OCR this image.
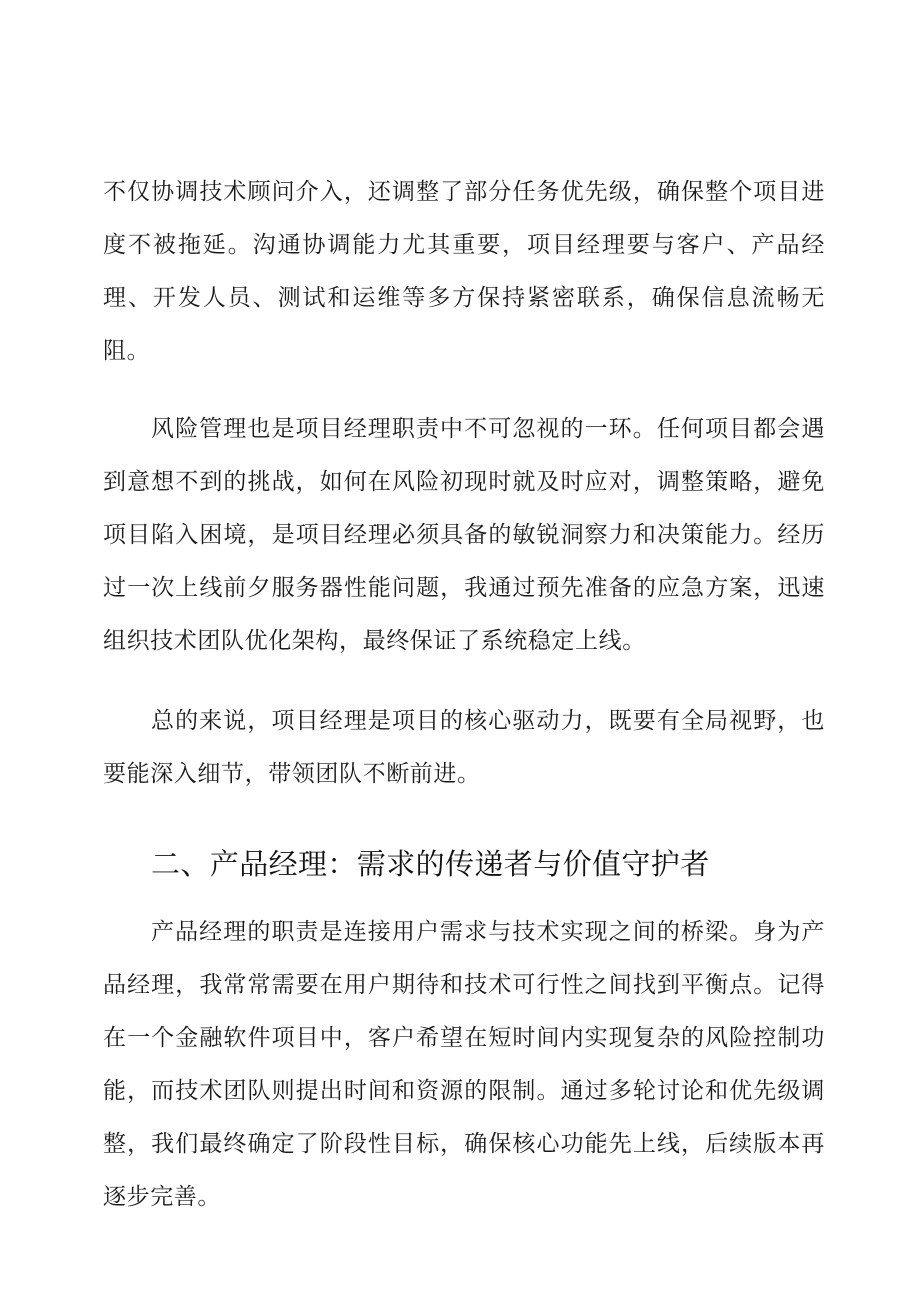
不仅协调技术顾问介入，还调整了部分任务优先级，确保整个项目进度不被拖延。沟通协调能力尤其重要，项目经理要与客户、产品经理、开发人员、测试和运维等多方保持紧密联系，确保信息流畅无阻。

风险管理也是项目经理职责中不可忽视的一环。任何项目都会遇到意想不到的挑战，如何在风险初现时就及时应对，调整策略，避免项目陷入困境，是项目经理必须具备的敏锐洞察力和决策能力。经历过一次上线前夕服务器性能问题，我通过预先准备的应急方案，迅速组织技术团队优化架构，最终保证了系统稳定上线。

总的来说，项目经理是项目的核心驱动力，既要有全局视野，也要能深入细节，带领团队不断前进。

二、产品经理：需求的传递者与价值守护者

产品经理的职责是连接用户需求与技术实现之间的桥梁。身为产品经理，我常常需要在用户期待和技术可行性之间找到平衡点。记得在一个金融软件项目中，客户希望在短时间内实现复杂的风险控制功能，而技术团队则提出时间和资源的限制。通过多轮讨论和优先级调整，我们最终确定了阶段性目标，确保核心功能先上线，后续版本再逐步完善。
